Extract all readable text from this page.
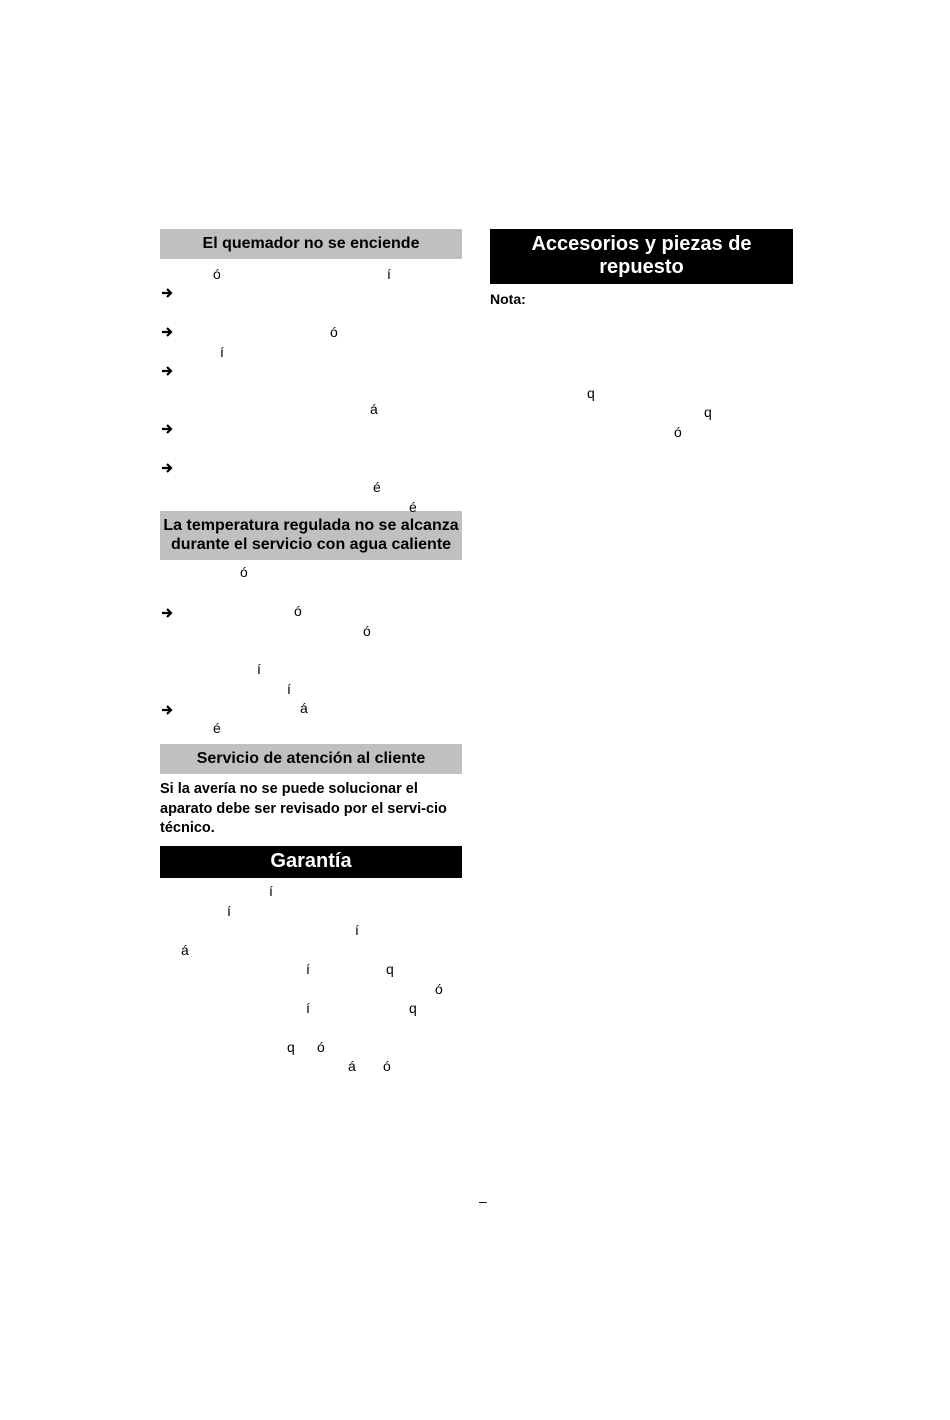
El quemador no se enciende
ó	í
ó
í
á
é
é
La temperatura regulada no se alcanza durante el servicio con agua caliente
ó
ó
ó
í
í
á
é
Servicio de atención al cliente
Si la avería no se puede solucionar el aparato debe ser revisado por el servi-cio técnico.
Garantía
í
í
í
á
í	q
ó
í	q
q ó
á ó
Accesorios y piezas de repuesto
Nota:
q
q
ó
–
